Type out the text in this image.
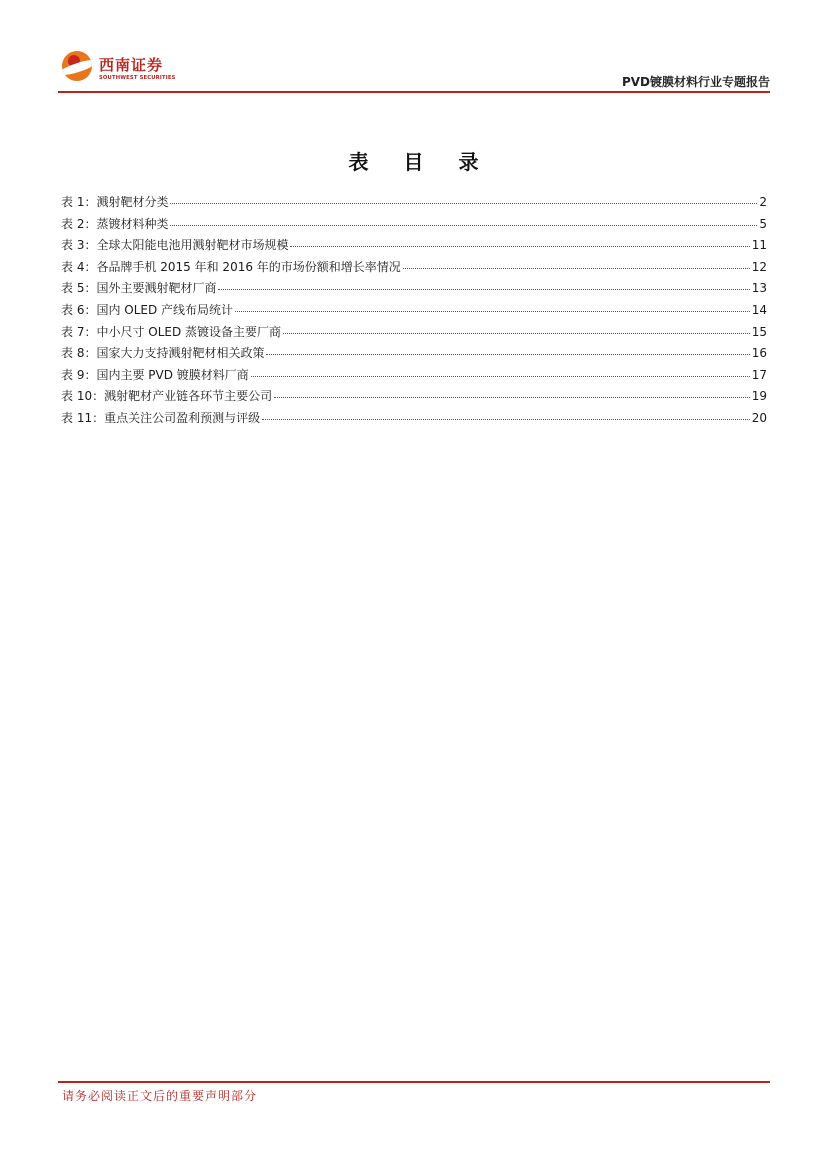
西南证券
SOUTHWEST SECURITIES	PVD镀膜材料行业专题报告
表 目 录
表 1：溅射靶材分类	2
表 2：蒸镀材料种类	5
表 3：全球太阳能电池用溅射靶材市场规模	11
表 4：各品牌手机 2015 年和 2016 年的市场份额和增长率情况	12
表 5：国外主要溅射靶材厂商	13
表 6：国内 OLED 产线布局统计	14
表 7：中小尺寸 OLED 蒸镀设备主要厂商	15
表 8：国家大力支持溅射靶材相关政策	16
表 9：国内主要 PVD 镀膜材料厂商	17
表 10：溅射靶材产业链各环节主要公司	19
表 11：重点关注公司盈利预测与评级	20
请务必阅读正文后的重要声明部分
